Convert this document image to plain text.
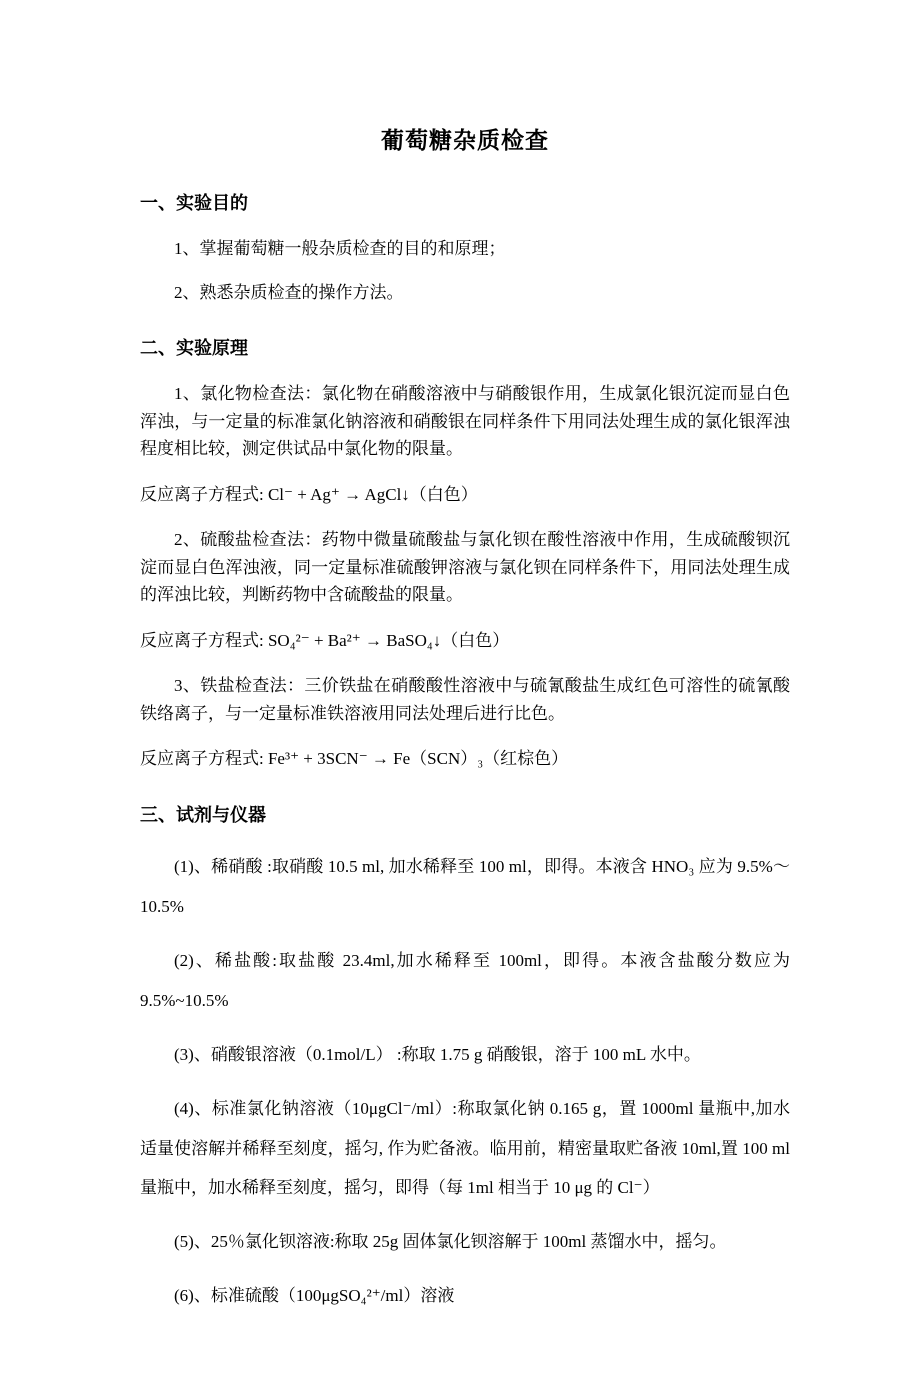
葡萄糖杂质检查
一、实验目的

1、掌握葡萄糖一般杂质检查的目的和原理；

2、熟悉杂质检查的操作方法。

二、实验原理

1、氯化物检查法：氯化物在硝酸溶液中与硝酸银作用，生成氯化银沉淀而显白色浑浊，与一定量的标准氯化钠溶液和硝酸银在同样条件下用同法处理生成的氯化银浑浊程度相比较，测定供试品中氯化物的限量。

反应离子方程式: Cl⁻ + Ag⁺ → AgCl↓（白色）

2、硫酸盐检查法：药物中微量硫酸盐与氯化钡在酸性溶液中作用，生成硫酸钡沉淀而显白色浑浊液，同一定量标准硫酸钾溶液与氯化钡在同样条件下，用同法处理生成的浑浊比较，判断药物中含硫酸盐的限量。

反应离子方程式: SO₄²⁻ + Ba²⁺ → BaSO₄↓（白色）

3、铁盐检查法：三价铁盐在硝酸酸性溶液中与硫氰酸盐生成红色可溶性的硫氰酸铁络离子，与一定量标准铁溶液用同法处理后进行比色。

反应离子方程式: Fe³⁺ + 3SCN⁻ → Fe（SCN）₃（红棕色）

三、试剂与仪器

(1)、稀硝酸 :取硝酸 10.5 ml, 加水稀释至 100 ml，即得。本液含 HNO₃ 应为 9.5%～10.5%

(2)、稀盐酸:取盐酸 23.4ml,加水稀释至 100ml，即得。本液含盐酸分数应为 9.5%~10.5%

(3)、硝酸银溶液（0.1mol/L） :称取 1.75 g 硝酸银，溶于 100 mL 水中。

(4)、标准氯化钠溶液（10μgCl⁻/ml）:称取氯化钠 0.165 g，置 1000ml 量瓶中,加水适量使溶解并稀释至刻度，摇匀, 作为贮备液。临用前，精密量取贮备液 10ml,置 100 ml 量瓶中，加水稀释至刻度，摇匀，即得（每 1ml 相当于 10 μg 的 Cl⁻）

(5)、25％氯化钡溶液:称取 25g 固体氯化钡溶解于 100ml 蒸馏水中，摇匀。

(6)、标准硫酸（100μgSO₄²⁺/ml）溶液
